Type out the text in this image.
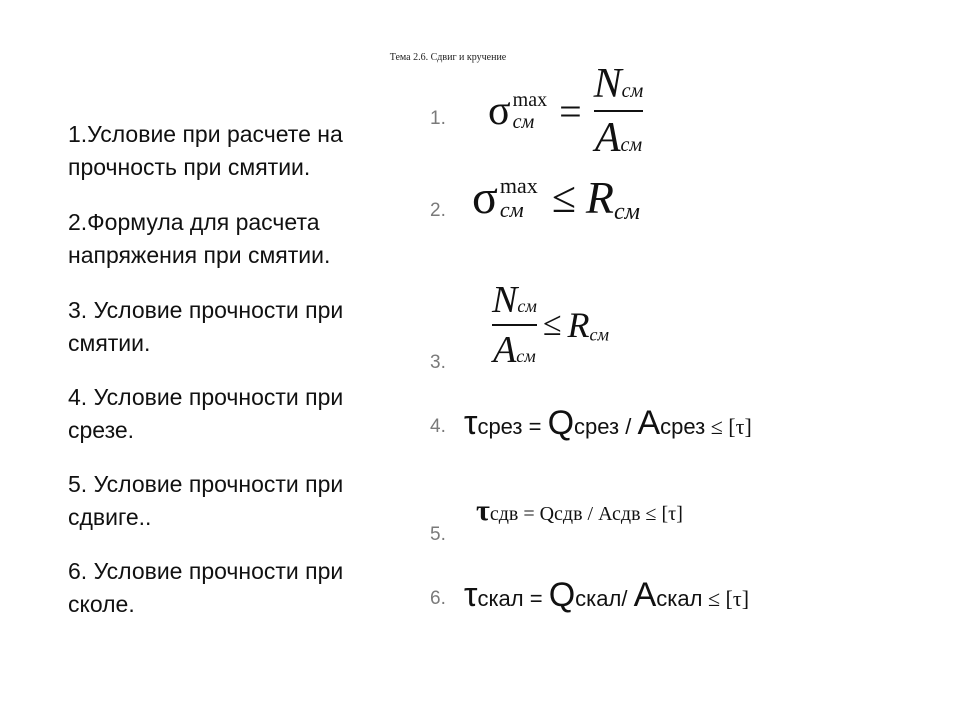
Тема 2.6. Сдвиг и кручение
1.Условие при расчете на
прочность при смятии.
2.Формула для расчета
напряжения при смятии.
3. Условие прочности при
смятии.
4. Условие прочности при
срезе.
5. Условие прочности при
сдвиге..
6. Условие прочности при
сколе.
1.
2.
3.
4.
5.
6.
σ max
см = $\frac{\text{Nсм}}{\text{Aсм}}$
σ max
см ≤ Rсм
$\frac{\text{Nсм}}{\text{Aсм}}$ ≤ Rсм
τсрез = Qсрез / Aсрез ≤ [τ]
τсдв = Qсдв / Асдв ≤ [τ]
τскал = Qскал/ Aскал ≤ [τ]
